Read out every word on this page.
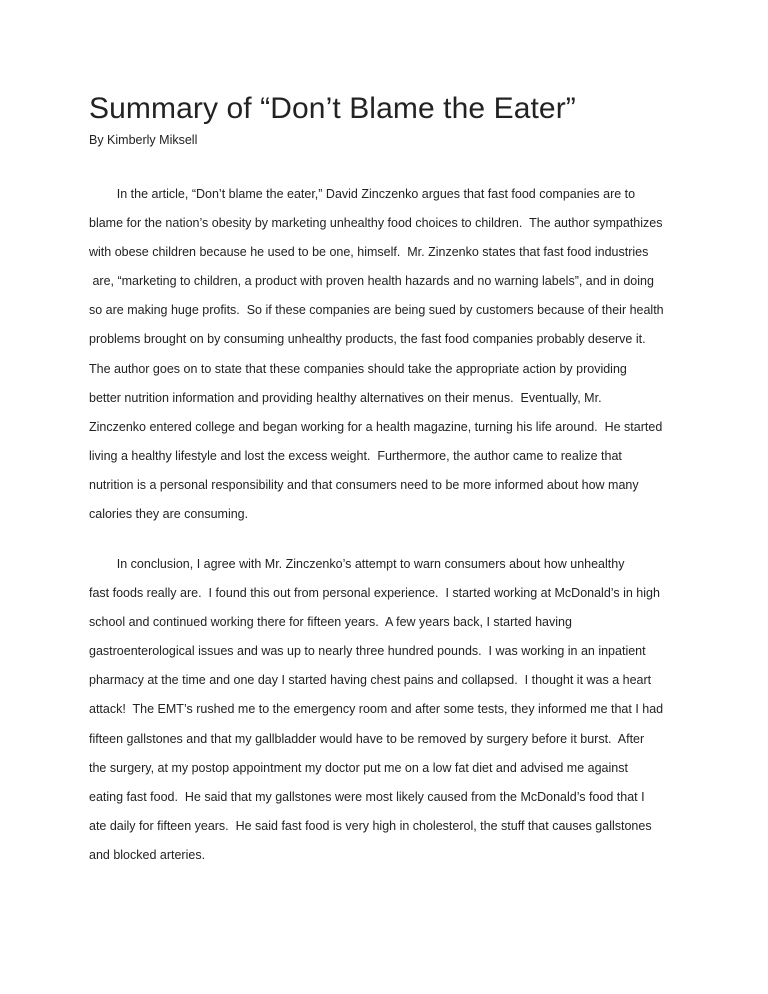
Summary of “Don’t Blame the Eater”
By Kimberly Miksell
In the article, “Don’t blame the eater,” David Zinczenko argues that fast food companies are to
blame for the nation’s obesity by marketing unhealthy food choices to children.  The author sympathizes
with obese children because he used to be one, himself.  Mr. Zinzenko states that fast food industries
are, “marketing to children, a product with proven health hazards and no warning labels”, and in doing
so are making huge profits.  So if these companies are being sued by customers because of their health
problems brought on by consuming unhealthy products, the fast food companies probably deserve it.
The author goes on to state that these companies should take the appropriate action by providing
better nutrition information and providing healthy alternatives on their menus.  Eventually, Mr.
Zinczenko entered college and began working for a health magazine, turning his life around.  He started
living a healthy lifestyle and lost the excess weight.  Furthermore, the author came to realize that
nutrition is a personal responsibility and that consumers need to be more informed about how many
calories they are consuming.
In conclusion, I agree with Mr. Zinczenko’s attempt to warn consumers about how unhealthy
fast foods really are.  I found this out from personal experience.  I started working at McDonald’s in high
school and continued working there for fifteen years.  A few years back, I started having
gastroenterological issues and was up to nearly three hundred pounds.  I was working in an inpatient
pharmacy at the time and one day I started having chest pains and collapsed.  I thought it was a heart
attack!  The EMT’s rushed me to the emergency room and after some tests, they informed me that I had
fifteen gallstones and that my gallbladder would have to be removed by surgery before it burst.  After
the surgery, at my postop appointment my doctor put me on a low fat diet and advised me against
eating fast food.  He said that my gallstones were most likely caused from the McDonald’s food that I
ate daily for fifteen years.  He said fast food is very high in cholesterol, the stuff that causes gallstones
and blocked arteries.
